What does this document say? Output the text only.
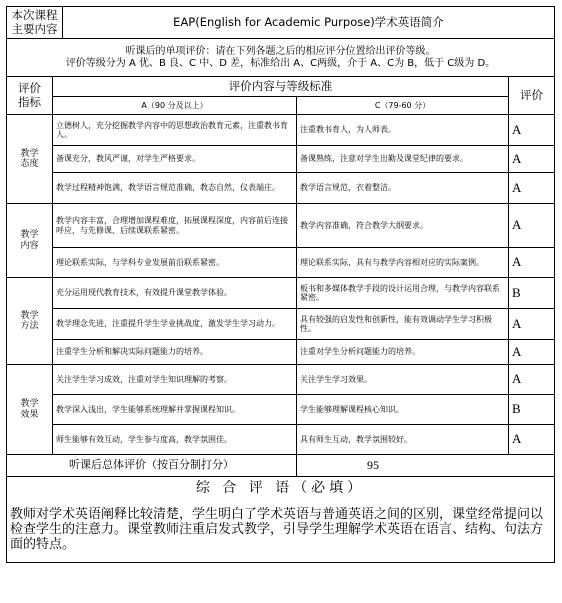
本次课程
主要内容		EAP(English for Academic Purpose)学术英语简介		

听课后的单项评价：请在下列各题之后的相应评分位置给出评价等级。
评价等级分为 A 优、B 良、C 中、D 差，标准给出 A、C两级，介于 A、C为 B，低于 C级为 D。				

评价
指标	评价内容与等级标准			评价
	A（90 分及以上）		C（79-60 分）	
教学
态度	立德树人，充分挖掘教学内容中的思想政治教育元素，注重教书育人。		注重教书育人，为人师表。	A
	备课充分，教风严谨，对学生严格要求。		备课熟练，注意对学生出勤及课堂纪律的要求。	A
	教学过程精神饱满，教学语言规范准确，教态自然，仪表端庄。		教学语言规范，衣着整洁。	A
教学
内容	教学内容丰富，合理增加课程难度，拓展课程深度，内容前后连接呼应，与先修课、后续课联系紧密。		教学内容准确，符合教学大纲要求。	A
	理论联系实际，与学科专业发展前沿联系紧密。		理论联系实际，具有与教学内容相对应的实际案例。	A
教学
方法	充分运用现代教育技术，有效提升课堂教学体验。		板书和多媒体教学手段的设计运用合理，与教学内容联系紧密。	B
	教学理念先进，注重提升学生学业挑战度，激发学生学习动力。		具有较强的启发性和创新性，能有效调动学生学习积极性。	A
	注重学生分析和解决实际问题能力的培养。		注重对学生分析问题能力的培养。	A
教学
效果	关注学生学习成效，注重对学生知识理解的考察。		关注学生学习效果。	A
	教学深入浅出，学生能够系统理解并掌握课程知识。		学生能够理解课程核心知识。	B
	师生能够有效互动，学生参与度高，教学氛围佳。		具有师生互动，教学氛围较好。	A
听课后总体评价（按百分制打分）			95	
综 合 评 语（必填）				
教师对学术英语阐释比较清楚，学生明白了学术英语与普通英语之间的区别，课堂经常提问以检查学生的注意力。课堂教师注重启发式教学，引导学生理解学术英语在语言、结构、句法方面的特点。				
